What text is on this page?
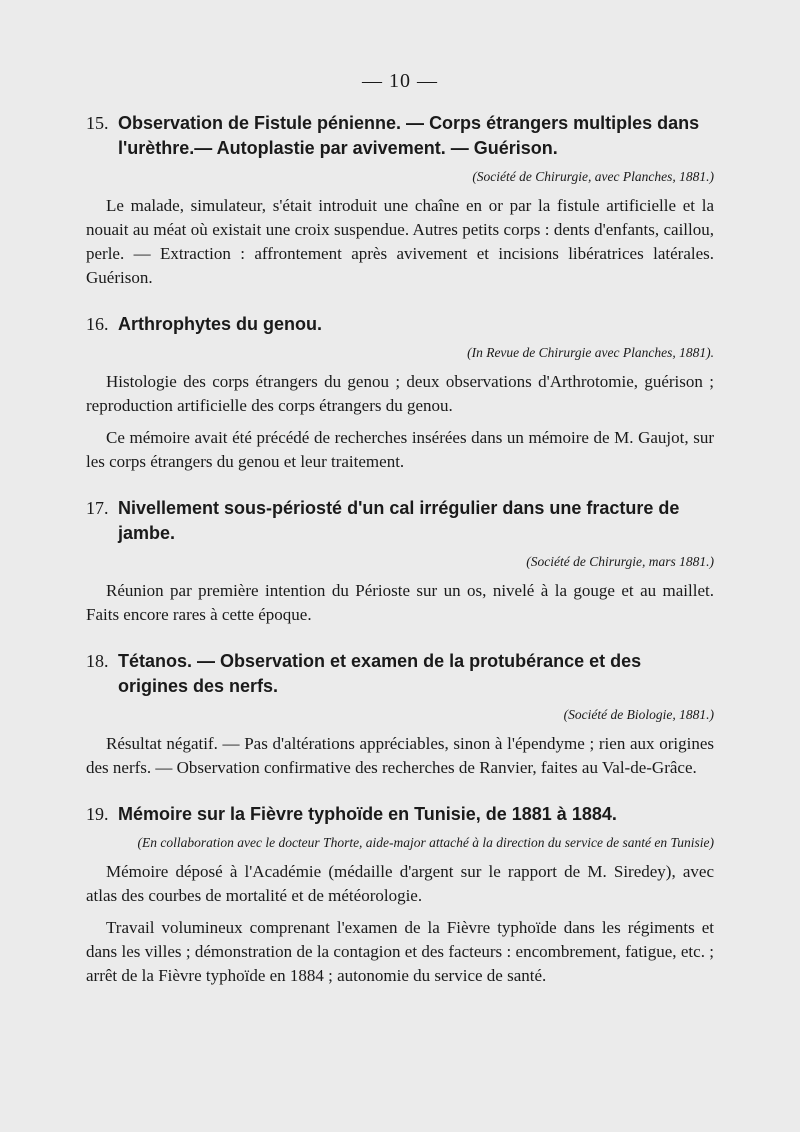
— 10 —
15. Observation de Fistule pénienne. — Corps étrangers multiples dans l'urèthre.— Autoplastie par avivement. — Guérison.
(Société de Chirurgie, avec Planches, 1881.)

Le malade, simulateur, s'était introduit une chaîne en or par la fistule artificielle et la nouait au méat où existait une croix suspendue. Autres petits corps : dents d'enfants, caillou, perle. — Extraction : affrontement après avivement et incisions libératrices latérales. Guérison.

16. Arthrophytes du genou.
(In Revue de Chirurgie avec Planches, 1881).

Histologie des corps étrangers du genou ; deux observations d'Arthrotomie, guérison ; reproduction artificielle des corps étrangers du genou.

Ce mémoire avait été précédé de recherches insérées dans un mémoire de M. Gaujot, sur les corps étrangers du genou et leur traitement.

17. Nivellement sous-périosté d'un cal irrégulier dans une fracture de jambe.
(Société de Chirurgie, mars 1881.)

Réunion par première intention du Périoste sur un os, nivelé à la gouge et au maillet. Faits encore rares à cette époque.

18. Tétanos. — Observation et examen de la protubérance et des origines des nerfs.
(Société de Biologie, 1881.)

Résultat négatif. — Pas d'altérations appréciables, sinon à l'épendyme ; rien aux origines des nerfs. — Observation confirmative des recherches de Ranvier, faites au Val-de-Grâce.

19. Mémoire sur la Fièvre typhoïde en Tunisie, de 1881 à 1884.
(En collaboration avec le docteur Thorte, aide-major attaché à la direction du service de santé en Tunisie)

Mémoire déposé à l'Académie (médaille d'argent sur le rapport de M. Siredey), avec atlas des courbes de mortalité et de météorologie.

Travail volumineux comprenant l'examen de la Fièvre typhoïde dans les régiments et dans les villes ; démonstration de la contagion et des facteurs : encombrement, fatigue, etc. ; arrêt de la Fièvre typhoïde en 1884 ; autonomie du service de santé.
